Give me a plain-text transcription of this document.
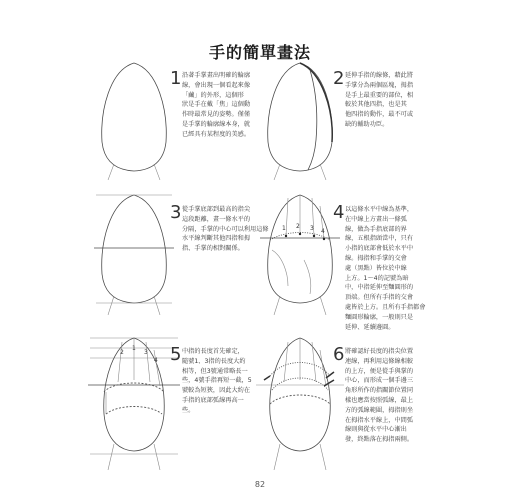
手的簡單畫法
1 沿著手掌畫出明確的輪廓
線，會出現一個看起來像
「繭」的外形，這個形
狀是手在戴「焦」這個動
作時最常見的姿勢。僅僅
是手掌的輪廓線本身，就
已經具有某程度的美感。
2 延伸手指的線條，藉此將
手掌分為兩個區塊，拇指
是手上最重要的部位，相
較於其他四指，也是其
他四指的動作，最不可或
缺的輔助功臣。
3 從手掌底部到最高的指尖
這段距離，畫一條水平的
分隔，手掌的中心可以利用這條
水平線判斷其他四指和拇
指、手掌的相對關係。
1 2 3 4
4 以這條水平中線為基準，
在中線上方畫出一條弧
線，做為手指底部的界
線，五根指頭當中，只有
小指的底部會低於水平中
線。拇指和手掌的交會
處（黑點）皆位於中線
上方。1～4的記號為暗
中，中指延伸至麵圓形的
頂端。但所有手指的交會
處皆於上方。且所有手指都會
麵圓形輪廓，一般則只是
延伸、延續邊圓。
2
1
3
4 5 中指的長度首先確定，
隨號1、3指的長度大約
相等，但3號通常略長一
些，4號手指再短一截，5
號較為短狹，因此大約在
手指的底部弧線再高一
些。
6 將確認好長度的指尖位置
連線，再利用這條線相較
的上方，便是從手與掌的
中心，而形成一個手邊三
角形所作的指關節位置同
樣也應當按照弧線，最上
方的弧線範圍，拇指則坐
在拇指水平線上，中間弧
線則與從水平中心漸出
發，終點落在拇指兩側。
82
